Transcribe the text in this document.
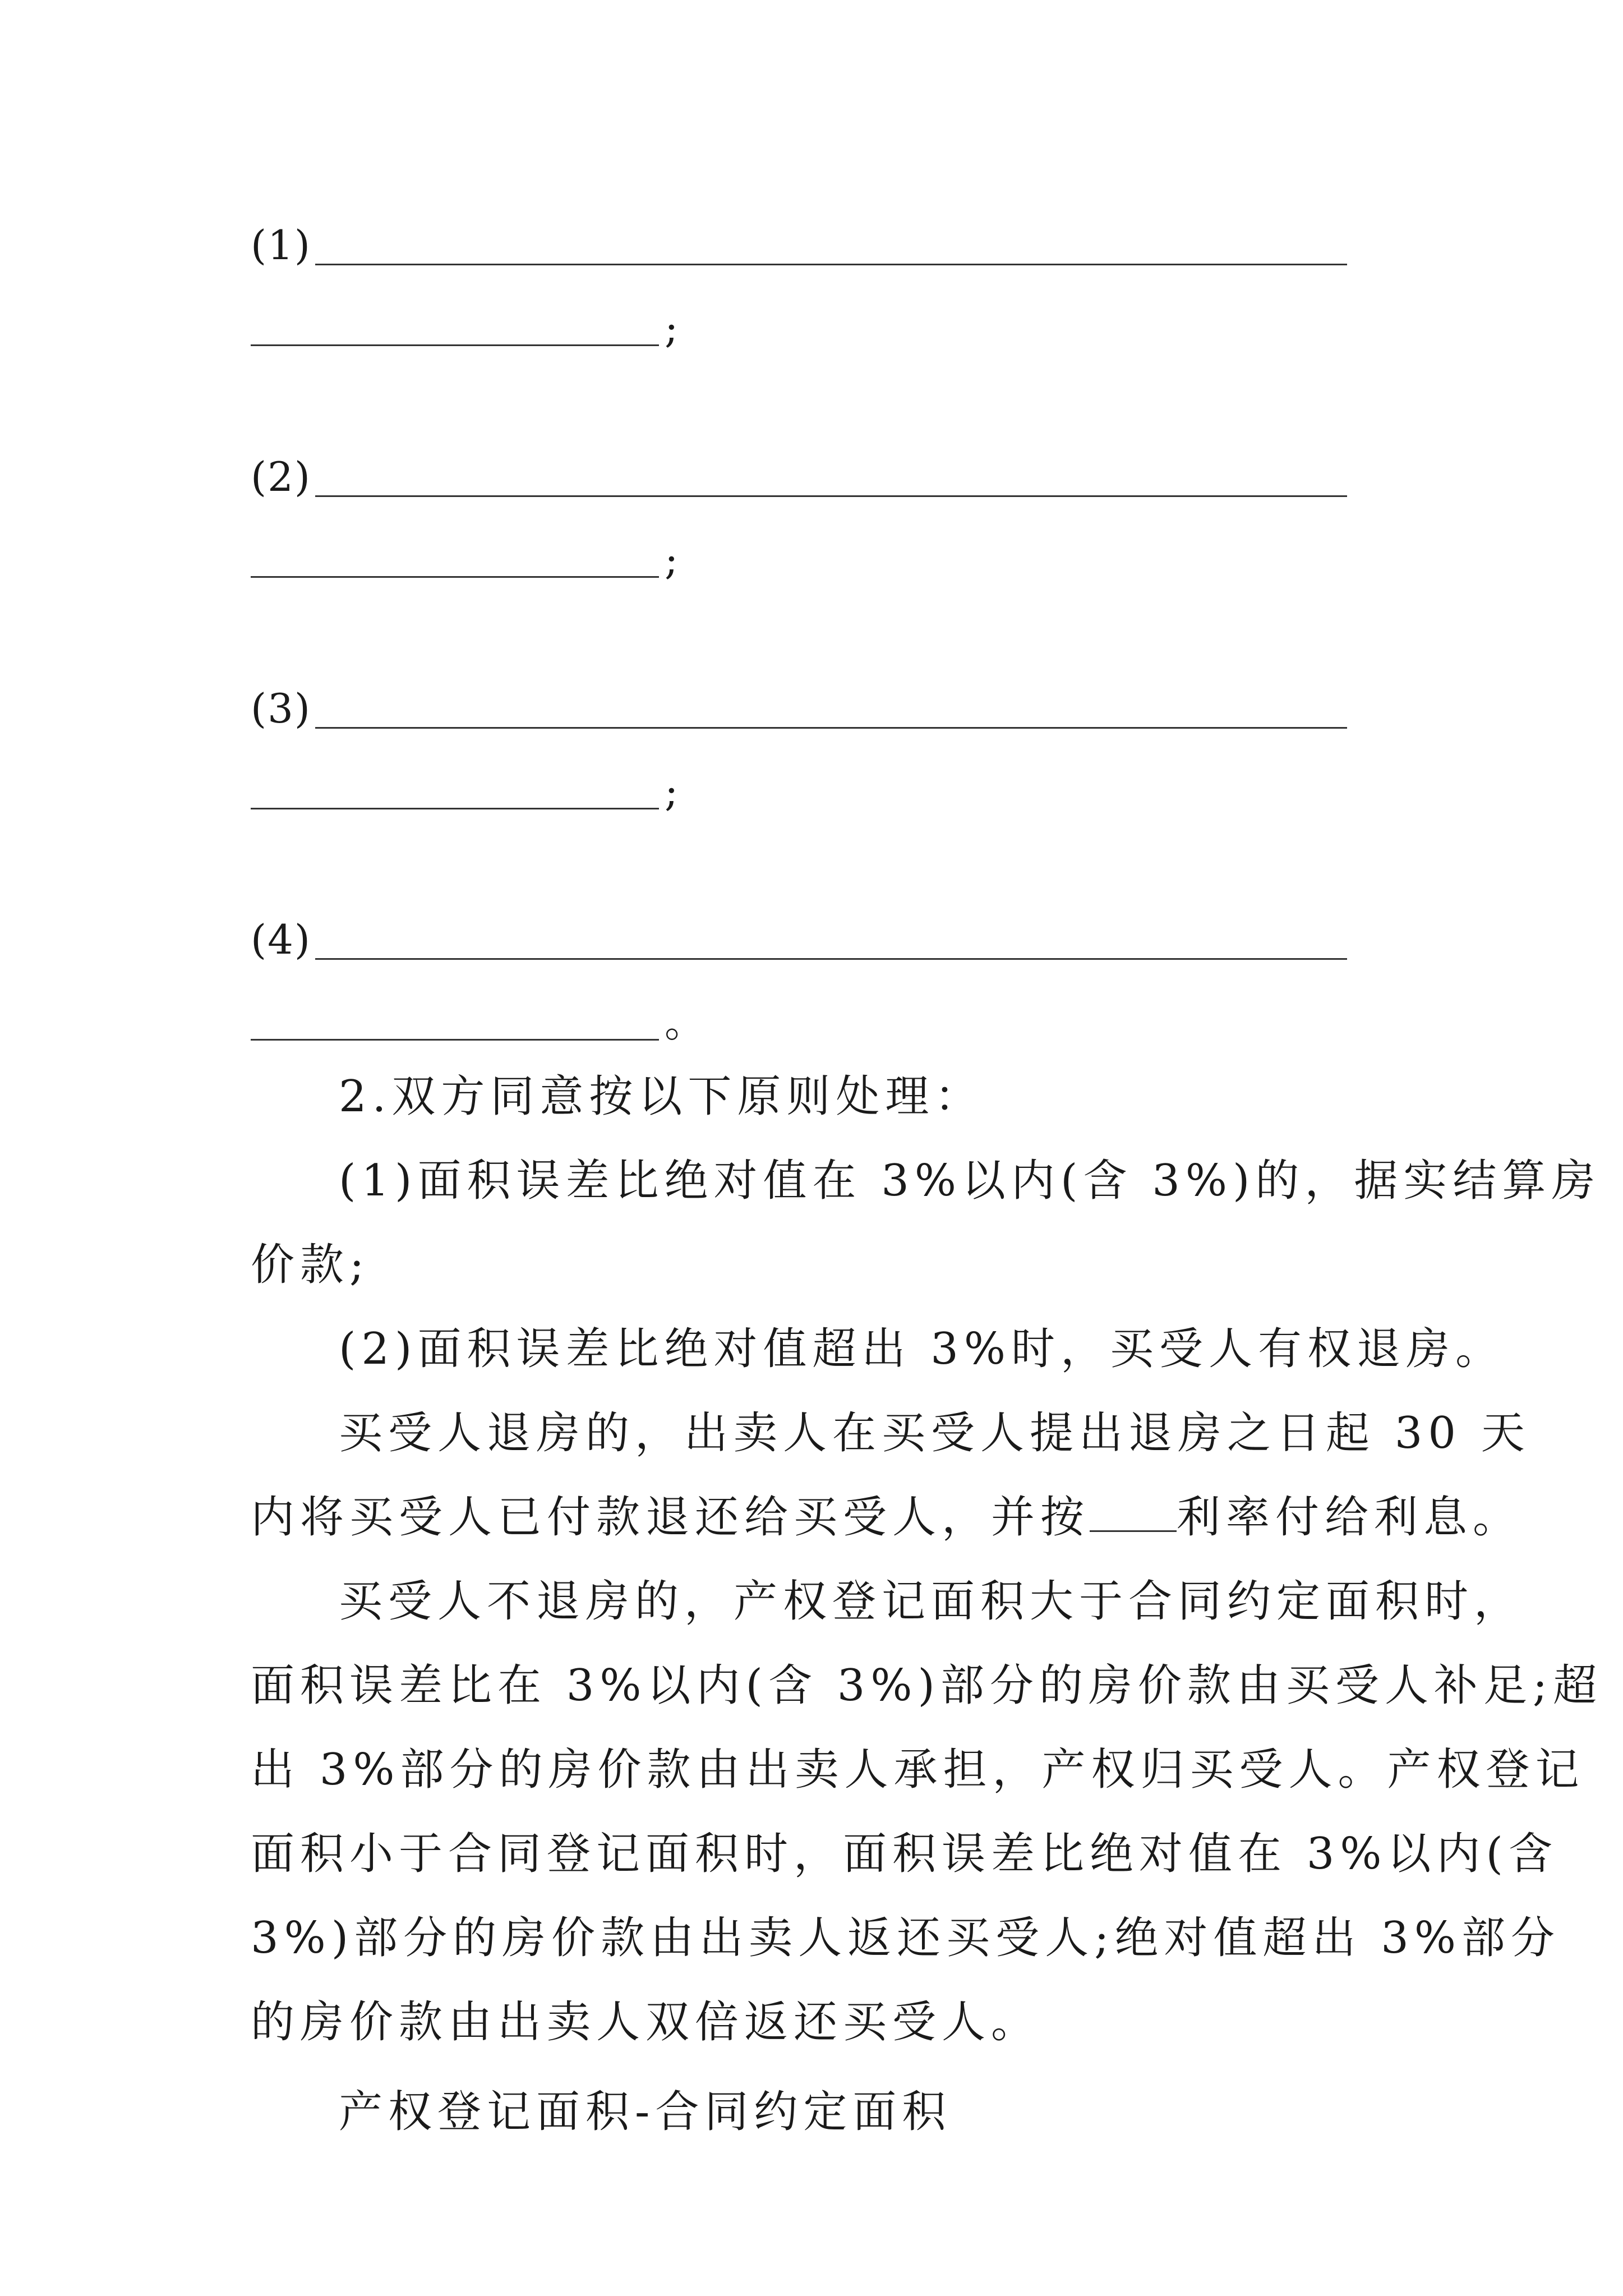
(1)
;
(2)
;
(3)
;
(4)
。
2.双方同意按以下原则处理：
(1)面积误差比绝对值在 3%以内(含 3%)的，据实结算房
价款;
(2)面积误差比绝对值超出 3%时，买受人有权退房。
买受人退房的，出卖人在买受人提出退房之日起 30 天
内将买受人已付款退还给买受人，并按 利率付给利息。
买受人不退房的，产权登记面积大于合同约定面积时，
面积误差比在 3%以内(含 3%)部分的房价款由买受人补足;超
出 3%部分的房价款由出卖人承担，产权归买受人。产权登记
面积小于合同登记面积时，面积误差比绝对值在 3%以内(含
3%)部分的房价款由出卖人返还买受人;绝对值超出 3%部分
的房价款由出卖人双倍返还买受人。
产权登记面积-合同约定面积
